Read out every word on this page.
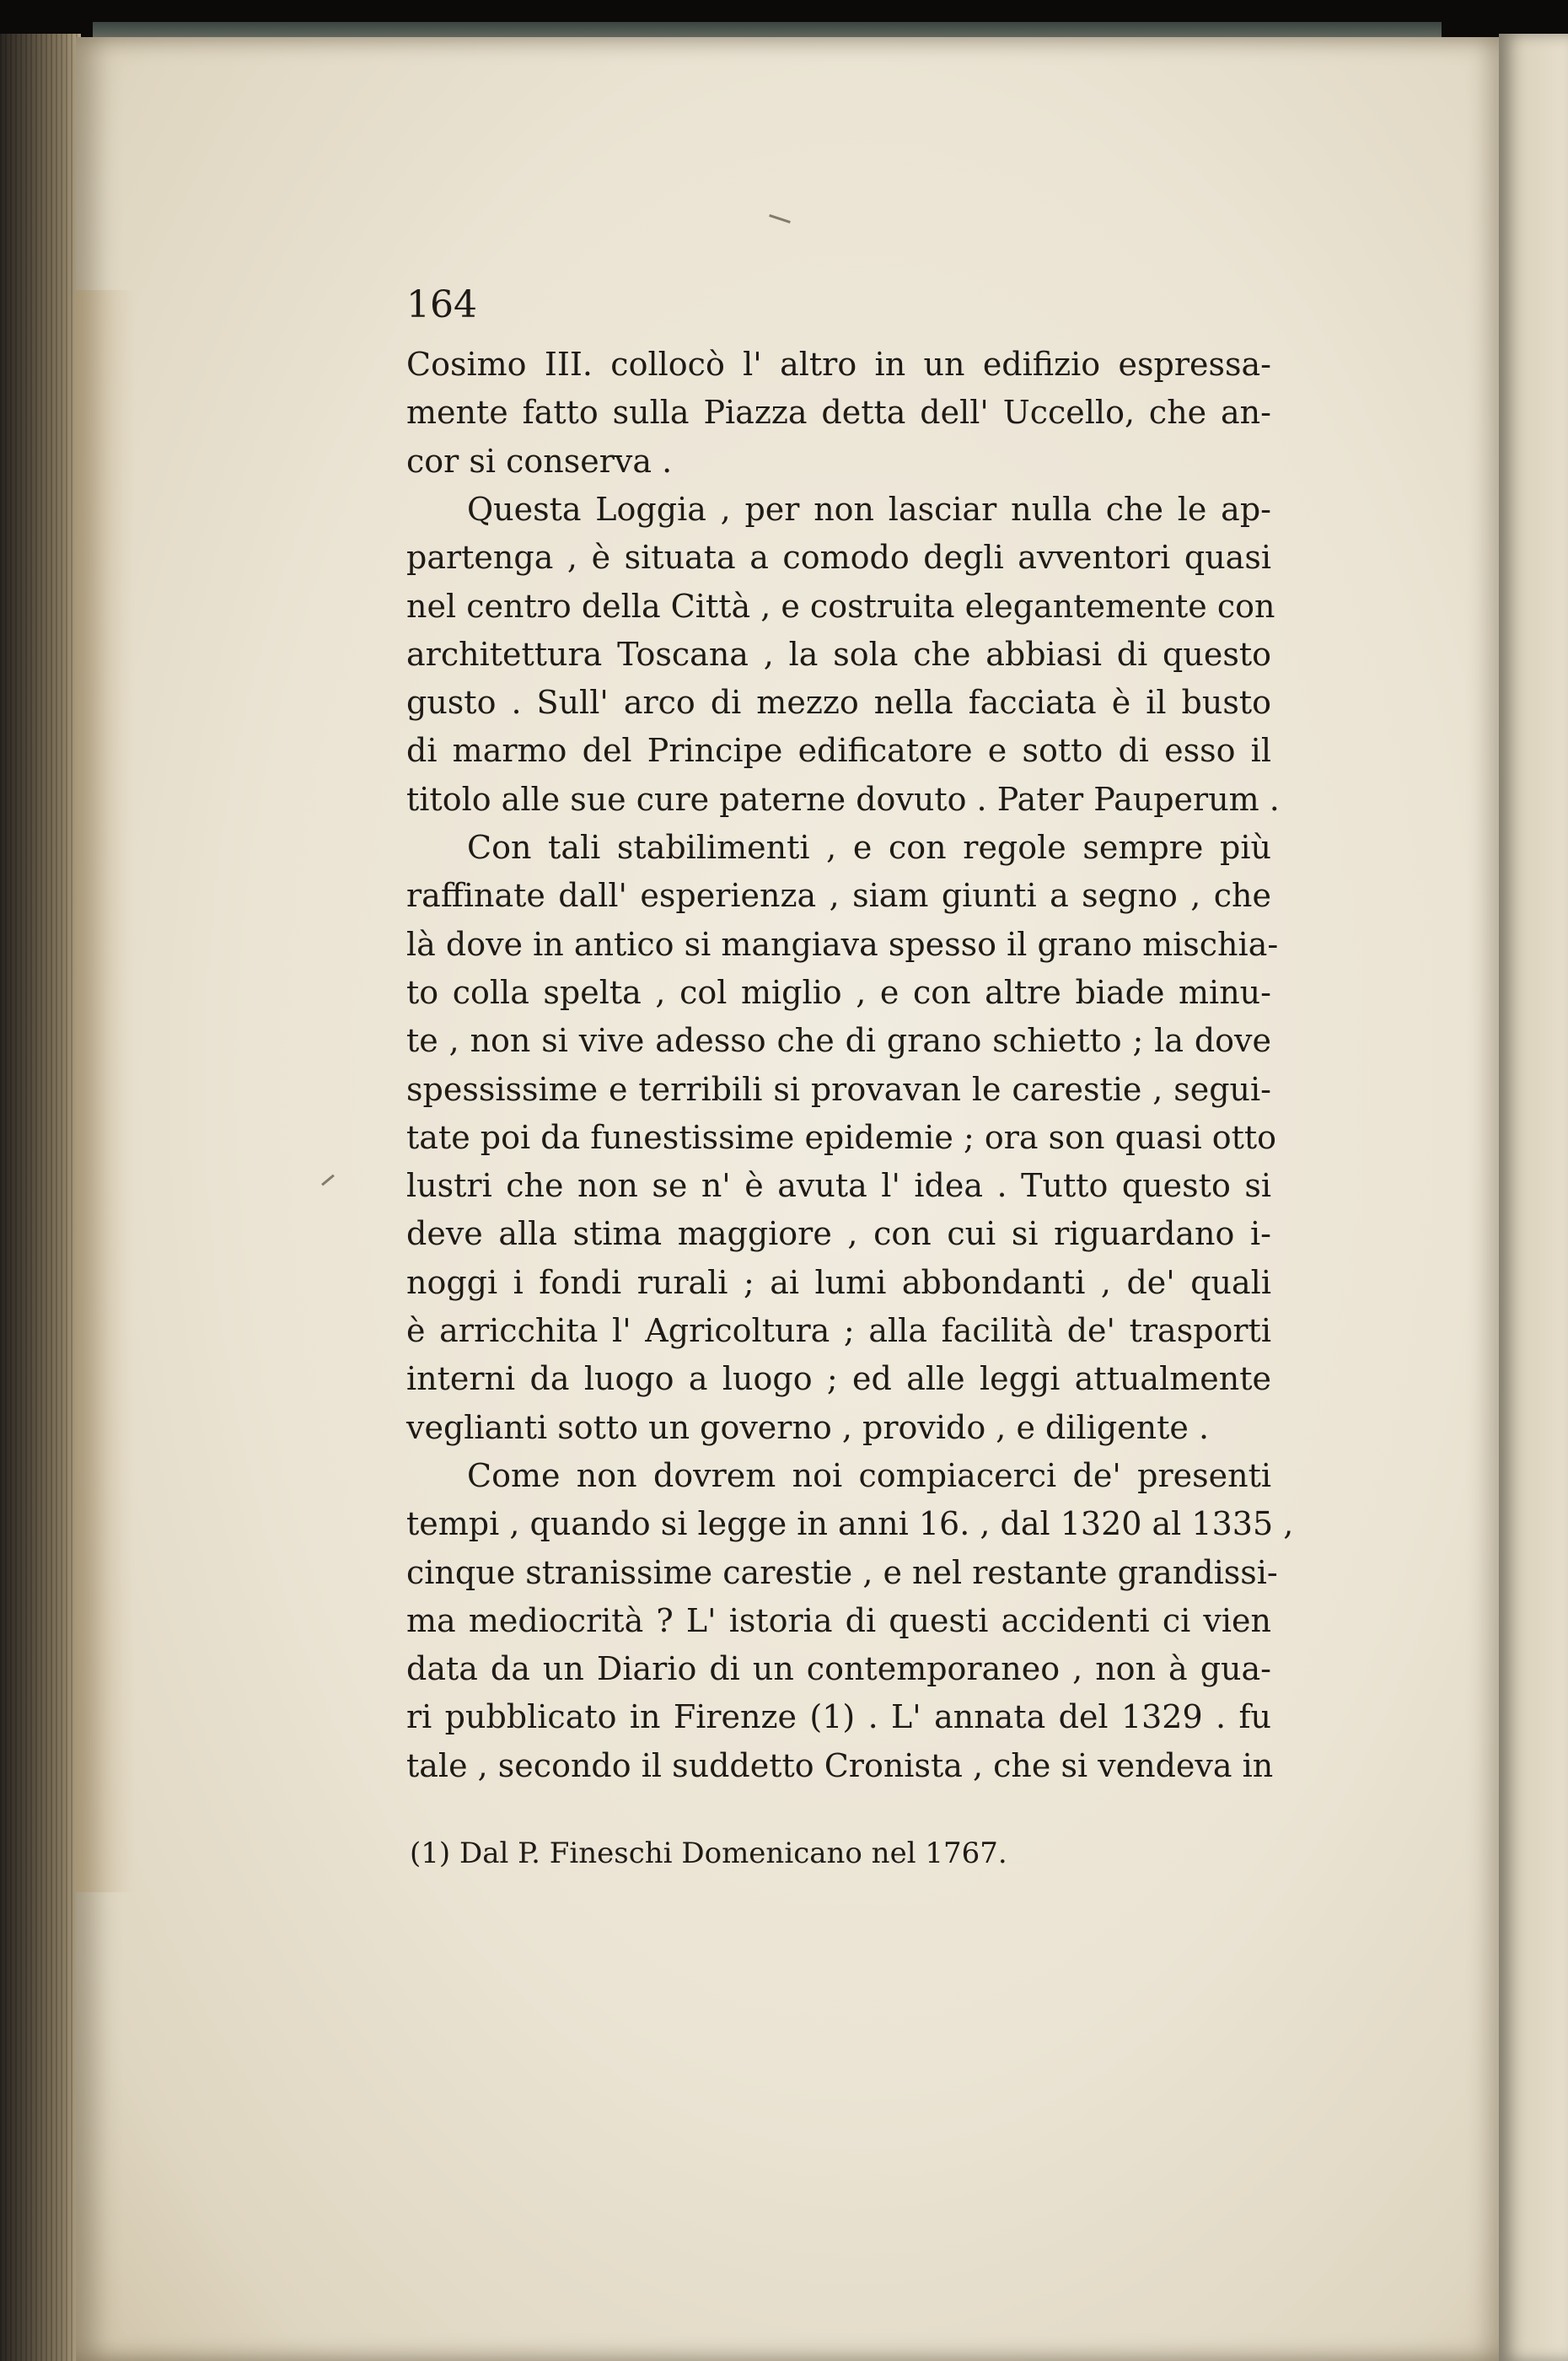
164
Cosimo III. collocò l' altro in un edifizio espressa-
mente fatto sulla Piazza detta dell' Uccello, che an-
cor si conserva .
Questa Loggia , per non lasciar nulla che le ap-
partenga , è situata a comodo degli avventori quasi
nel centro della Città , e costruita elegantemente con
architettura Toscana , la sola che abbiasi di questo
gusto . Sull' arco di mezzo nella facciata è il busto
di marmo del Principe edificatore e sotto di esso il
titolo alle sue cure paterne dovuto . Pater Pauperum .
Con tali stabilimenti , e con regole sempre più
raffinate dall' esperienza , siam giunti a segno , che
là dove in antico si mangiava spesso il grano mischia-
to colla spelta , col miglio , e con altre biade minu-
te , non si vive adesso che di grano schietto ; la dove
spessissime e terribili si provavan le carestie , segui-
tate poi da funestissime epidemie ; ora son quasi otto
lustri che non se n' è avuta l' idea . Tutto questo si
deve alla stima maggiore , con cui si riguardano i-
noggi i fondi rurali ; ai lumi abbondanti , de' quali
è arricchita l' Agricoltura ; alla facilità de' trasporti
interni da luogo a luogo ; ed alle leggi attualmente
veglianti sotto un governo , provido , e diligente .
Come non dovrem noi compiacerci de' presenti
tempi , quando si legge in anni 16. , dal 1320 al 1335 ,
cinque stranissime carestie , e nel restante grandissi-
ma mediocrità ? L' istoria di questi accidenti ci vien
data da un Diario di un contemporaneo , non à gua-
ri pubblicato in Firenze (1) . L' annata del 1329 . fu
tale , secondo il suddetto Cronista , che si vendeva in
(1) Dal P. Fineschi Domenicano nel 1767.
